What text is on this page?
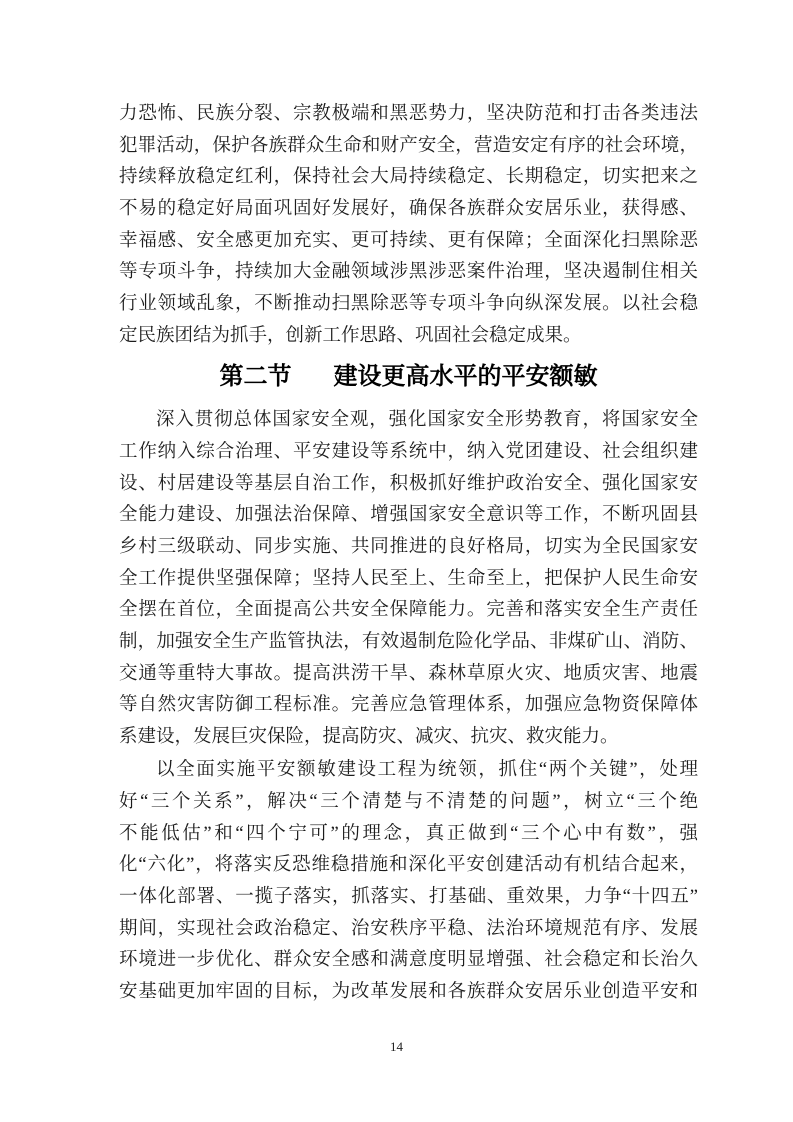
力恐怖、民族分裂、宗教极端和黑恶势力，坚决防范和打击各类违法
犯罪活动，保护各族群众生命和财产安全，营造安定有序的社会环境，
持续释放稳定红利，保持社会大局持续稳定、长期稳定，切实把来之
不易的稳定好局面巩固好发展好，确保各族群众安居乐业，获得感、
幸福感、安全感更加充实、更可持续、更有保障；全面深化扫黑除恶
等专项斗争，持续加大金融领域涉黑涉恶案件治理，坚决遏制住相关
行业领域乱象，不断推动扫黑除恶等专项斗争向纵深发展。以社会稳
定民族团结为抓手，创新工作思路、巩固社会稳定成果。
第二节 建设更高水平的平安额敏
深入贯彻总体国家安全观，强化国家安全形势教育，将国家安全
工作纳入综合治理、平安建设等系统中，纳入党团建设、社会组织建
设、村居建设等基层自治工作，积极抓好维护政治安全、强化国家安
全能力建设、加强法治保障、增强国家安全意识等工作，不断巩固县
乡村三级联动、同步实施、共同推进的良好格局，切实为全民国家安
全工作提供坚强保障；坚持人民至上、生命至上，把保护人民生命安
全摆在首位，全面提高公共安全保障能力。完善和落实安全生产责任
制，加强安全生产监管执法，有效遏制危险化学品、非煤矿山、消防、
交通等重特大事故。提高洪涝干旱、森林草原火灾、地质灾害、地震
等自然灾害防御工程标准。完善应急管理体系，加强应急物资保障体
系建设，发展巨灾保险，提高防灾、减灾、抗灾、救灾能力。
以全面实施平安额敏建设工程为统领，抓住“两个关键”，处理
好“三个关系”，解决“三个清楚与不清楚的问题”，树立“三个绝
不能低估”和“四个宁可”的理念，真正做到“三个心中有数”，强
化“六化”，将落实反恐维稳措施和深化平安创建活动有机结合起来，
一体化部署、一揽子落实，抓落实、打基础、重效果，力争“十四五”
期间，实现社会政治稳定、治安秩序平稳、法治环境规范有序、发展
环境进一步优化、群众安全感和满意度明显增强、社会稳定和长治久
安基础更加牢固的目标，为改革发展和各族群众安居乐业创造平安和
14
